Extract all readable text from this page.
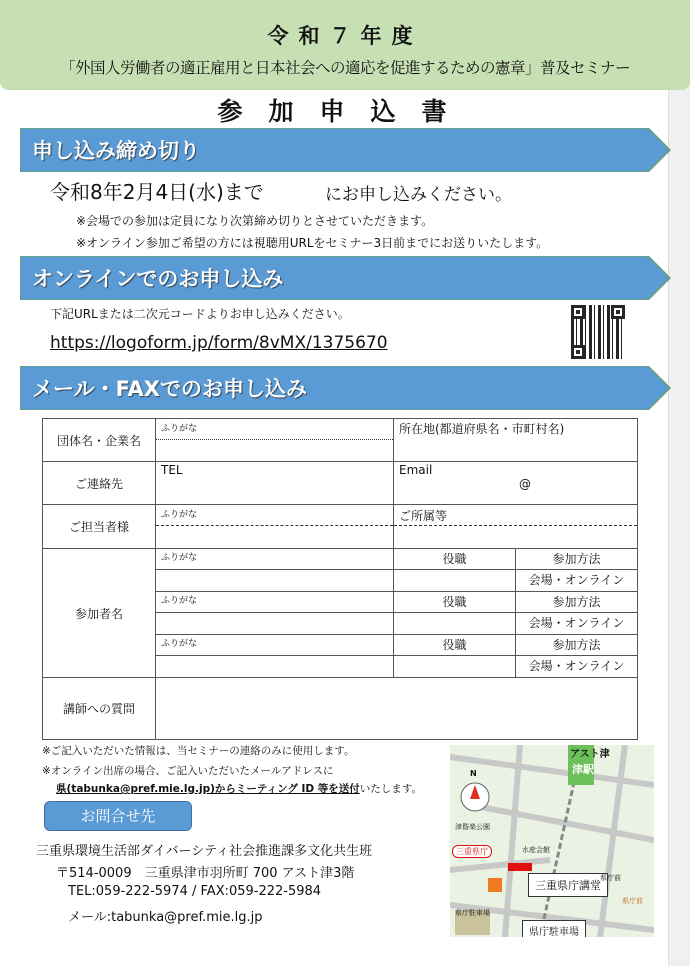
令和７年度
「外国人労働者の適正雇用と日本社会への適応を促進するための憲章」普及セミナー
参加申込書
申し込み締め切り
令和8年2月4日(水)まで	にお申し込みください。
※会場での参加は定員になり次第締め切りとさせていただきます。
※オンライン参加ご希望の方には視聴用URLをセミナー3日前までにお送りいたします。
オンラインでのお申し込み
下記URLまたは二次元コードよりお申し込みください。
https://logoform.jp/form/8vMX/1375670
メール・FAXでのお申し込み
団体名・企業名	ふりがな	所在地(都道府県名・市町村名)	
ご連絡先	TEL	Email
@	

ご担当者様	ふりがな	ご所属等	

参加者名	ふりがな	役職	参加方法
			会場・オンライン
	ふりがな	役職	参加方法
			会場・オンライン
	ふりがな	役職	参加方法
			会場・オンライン
講師への質問			
※ご記入いただいた情報は、当セミナーの連絡のみに使用します。
※オンライン出席の場合、ご記入いただいたメールアドレスに
県(tabunka@pref.mie.lg.jp)からミーティング ID 等を送付いたします。
お問合せ先
三重県環境生活部ダイバーシティ社会推進課多文化共生班
〒514-0009　三重県津市羽所町 700 アスト津3階
TEL:059-222-5974 / FAX:059-222-5984
メール:tabunka@pref.mie.lg.jp
アスト津
津駅
N
津偕楽公園
水産会館
三重県庁
三重県庁講堂
県庁前
県庁前
県庁駐車場
県庁駐車場
